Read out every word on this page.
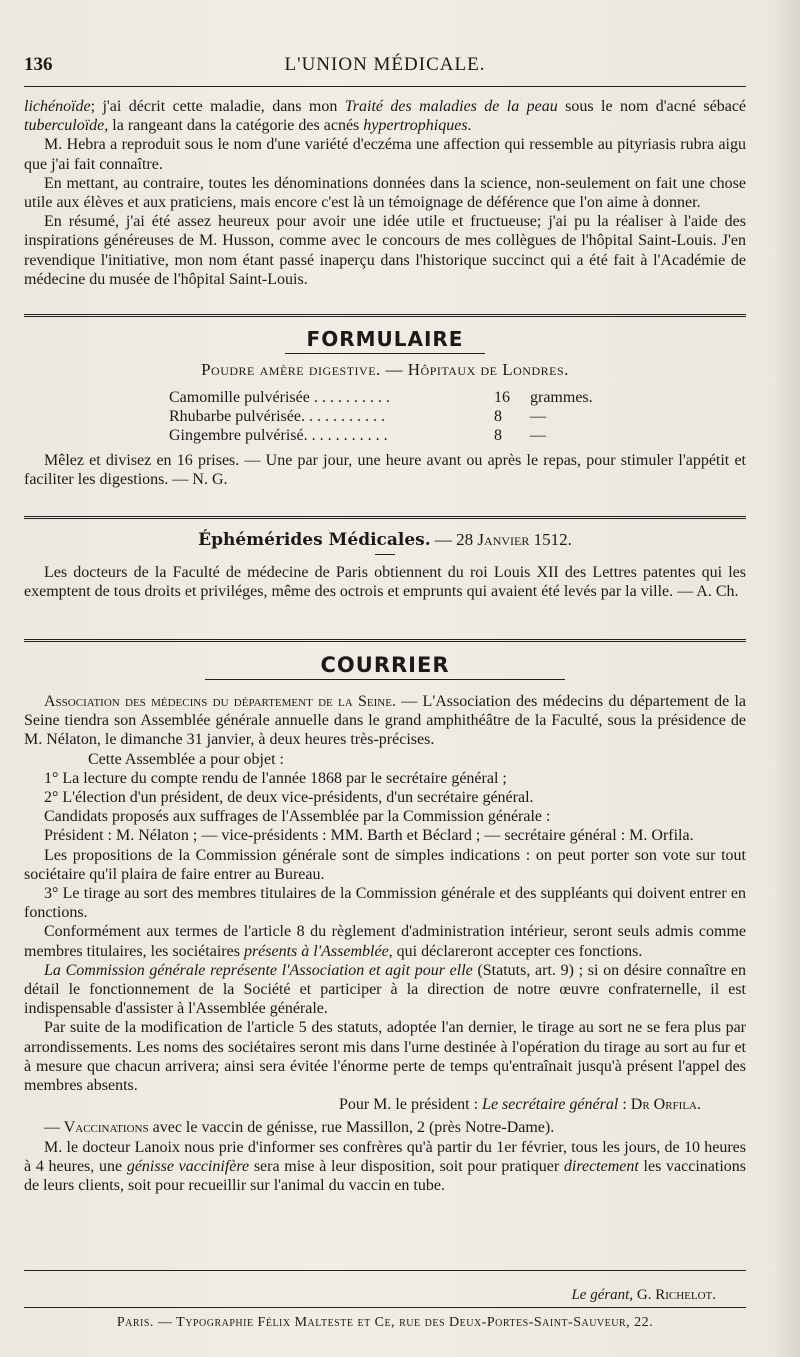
136	L'UNION MÉDICALE.

lichénoïde; j'ai décrit cette maladie, dans mon Traité des maladies de la peau sous le nom d'acné sébacé tuberculoïde, la rangeant dans la catégorie des acnés hypertrophiques.

M. Hebra a reproduit sous le nom d'une variété d'eczéma une affection qui ressemble au pityriasis rubra aigu que j'ai fait connaître.

En mettant, au contraire, toutes les dénominations données dans la science, non-seulement on fait une chose utile aux élèves et aux praticiens, mais encore c'est là un témoignage de déférence que l'on aime à donner.

En résumé, j'ai été assez heureux pour avoir une idée utile et fructueuse; j'ai pu la réaliser à l'aide des inspirations généreuses de M. Husson, comme avec le concours de mes collègues de l'hôpital Saint-Louis. J'en revendique l'initiative, mon nom étant passé inaperçu dans l'historique succinct qui a été fait à l'Académie de médecine du musée de l'hôpital Saint-Louis.

FORMULAIRE
Poudre amère digestive. — Hôpitaux de Londres.
Camomille pulvérisée . . . . . . . . . .	16	grammes.
Rhubarbe pulvérisée. . . . . . . . . . .	8	—
Gingembre pulvérisé. . . . . . . . . . .	8	—

Mêlez et divisez en 16 prises. — Une par jour, une heure avant ou après le repas, pour stimuler l'appétit et faciliter les digestions. — N. G.

Éphémérides Médicales. — 28 Janvier 1512.

Les docteurs de la Faculté de médecine de Paris obtiennent du roi Louis XII des Lettres patentes qui les exemptent de tous droits et priviléges, même des octrois et emprunts qui avaient été levés par la ville. — A. Ch.

COURRIER

Association des médecins du département de la Seine. — L'Association des médecins du département de la Seine tiendra son Assemblée générale annuelle dans le grand amphithéâtre de la Faculté, sous la présidence de M. Nélaton, le dimanche 31 janvier, à deux heures très-précises.

Cette Assemblée a pour objet :

1° La lecture du compte rendu de l'année 1868 par le secrétaire général ;

2° L'élection d'un président, de deux vice-présidents, d'un secrétaire général.

Candidats proposés aux suffrages de l'Assemblée par la Commission générale :

Président : M. Nélaton ; — vice-présidents : MM. Barth et Béclard ; — secrétaire général : M. Orfila.

Les propositions de la Commission générale sont de simples indications : on peut porter son vote sur tout sociétaire qu'il plaira de faire entrer au Bureau.

3° Le tirage au sort des membres titulaires de la Commission générale et des suppléants qui doivent entrer en fonctions.

Conformément aux termes de l'article 8 du règlement d'administration intérieur, seront seuls admis comme membres titulaires, les sociétaires présents à l'Assemblée, qui déclareront accepter ces fonctions.

La Commission générale représente l'Association et agit pour elle (Statuts, art. 9) ; si on désire connaître en détail le fonctionnement de la Société et participer à la direction de notre œuvre confraternelle, il est indispensable d'assister à l'Assemblée générale.

Par suite de la modification de l'article 5 des statuts, adoptée l'an dernier, le tirage au sort ne se fera plus par arrondissements. Les noms des sociétaires seront mis dans l'urne destinée à l'opération du tirage au sort au fur et à mesure que chacun arrivera; ainsi sera évitée l'énorme perte de temps qu'entraînait jusqu'à présent l'appel des membres absents.

Pour M. le président : Le secrétaire général : Dr Orfila.

— Vaccinations avec le vaccin de génisse, rue Massillon, 2 (près Notre-Dame).

M. le docteur Lanoix nous prie d'informer ses confrères qu'à partir du 1er février, tous les jours, de 10 heures à 4 heures, une génisse vaccinifère sera mise à leur disposition, soit pour pratiquer directement les vaccinations de leurs clients, soit pour recueillir sur l'animal du vaccin en tube.

Le gérant, G. Richelot.
Paris. — Typographie Félix Malteste et Ce, rue des Deux-Portes-Saint-Sauveur, 22.
